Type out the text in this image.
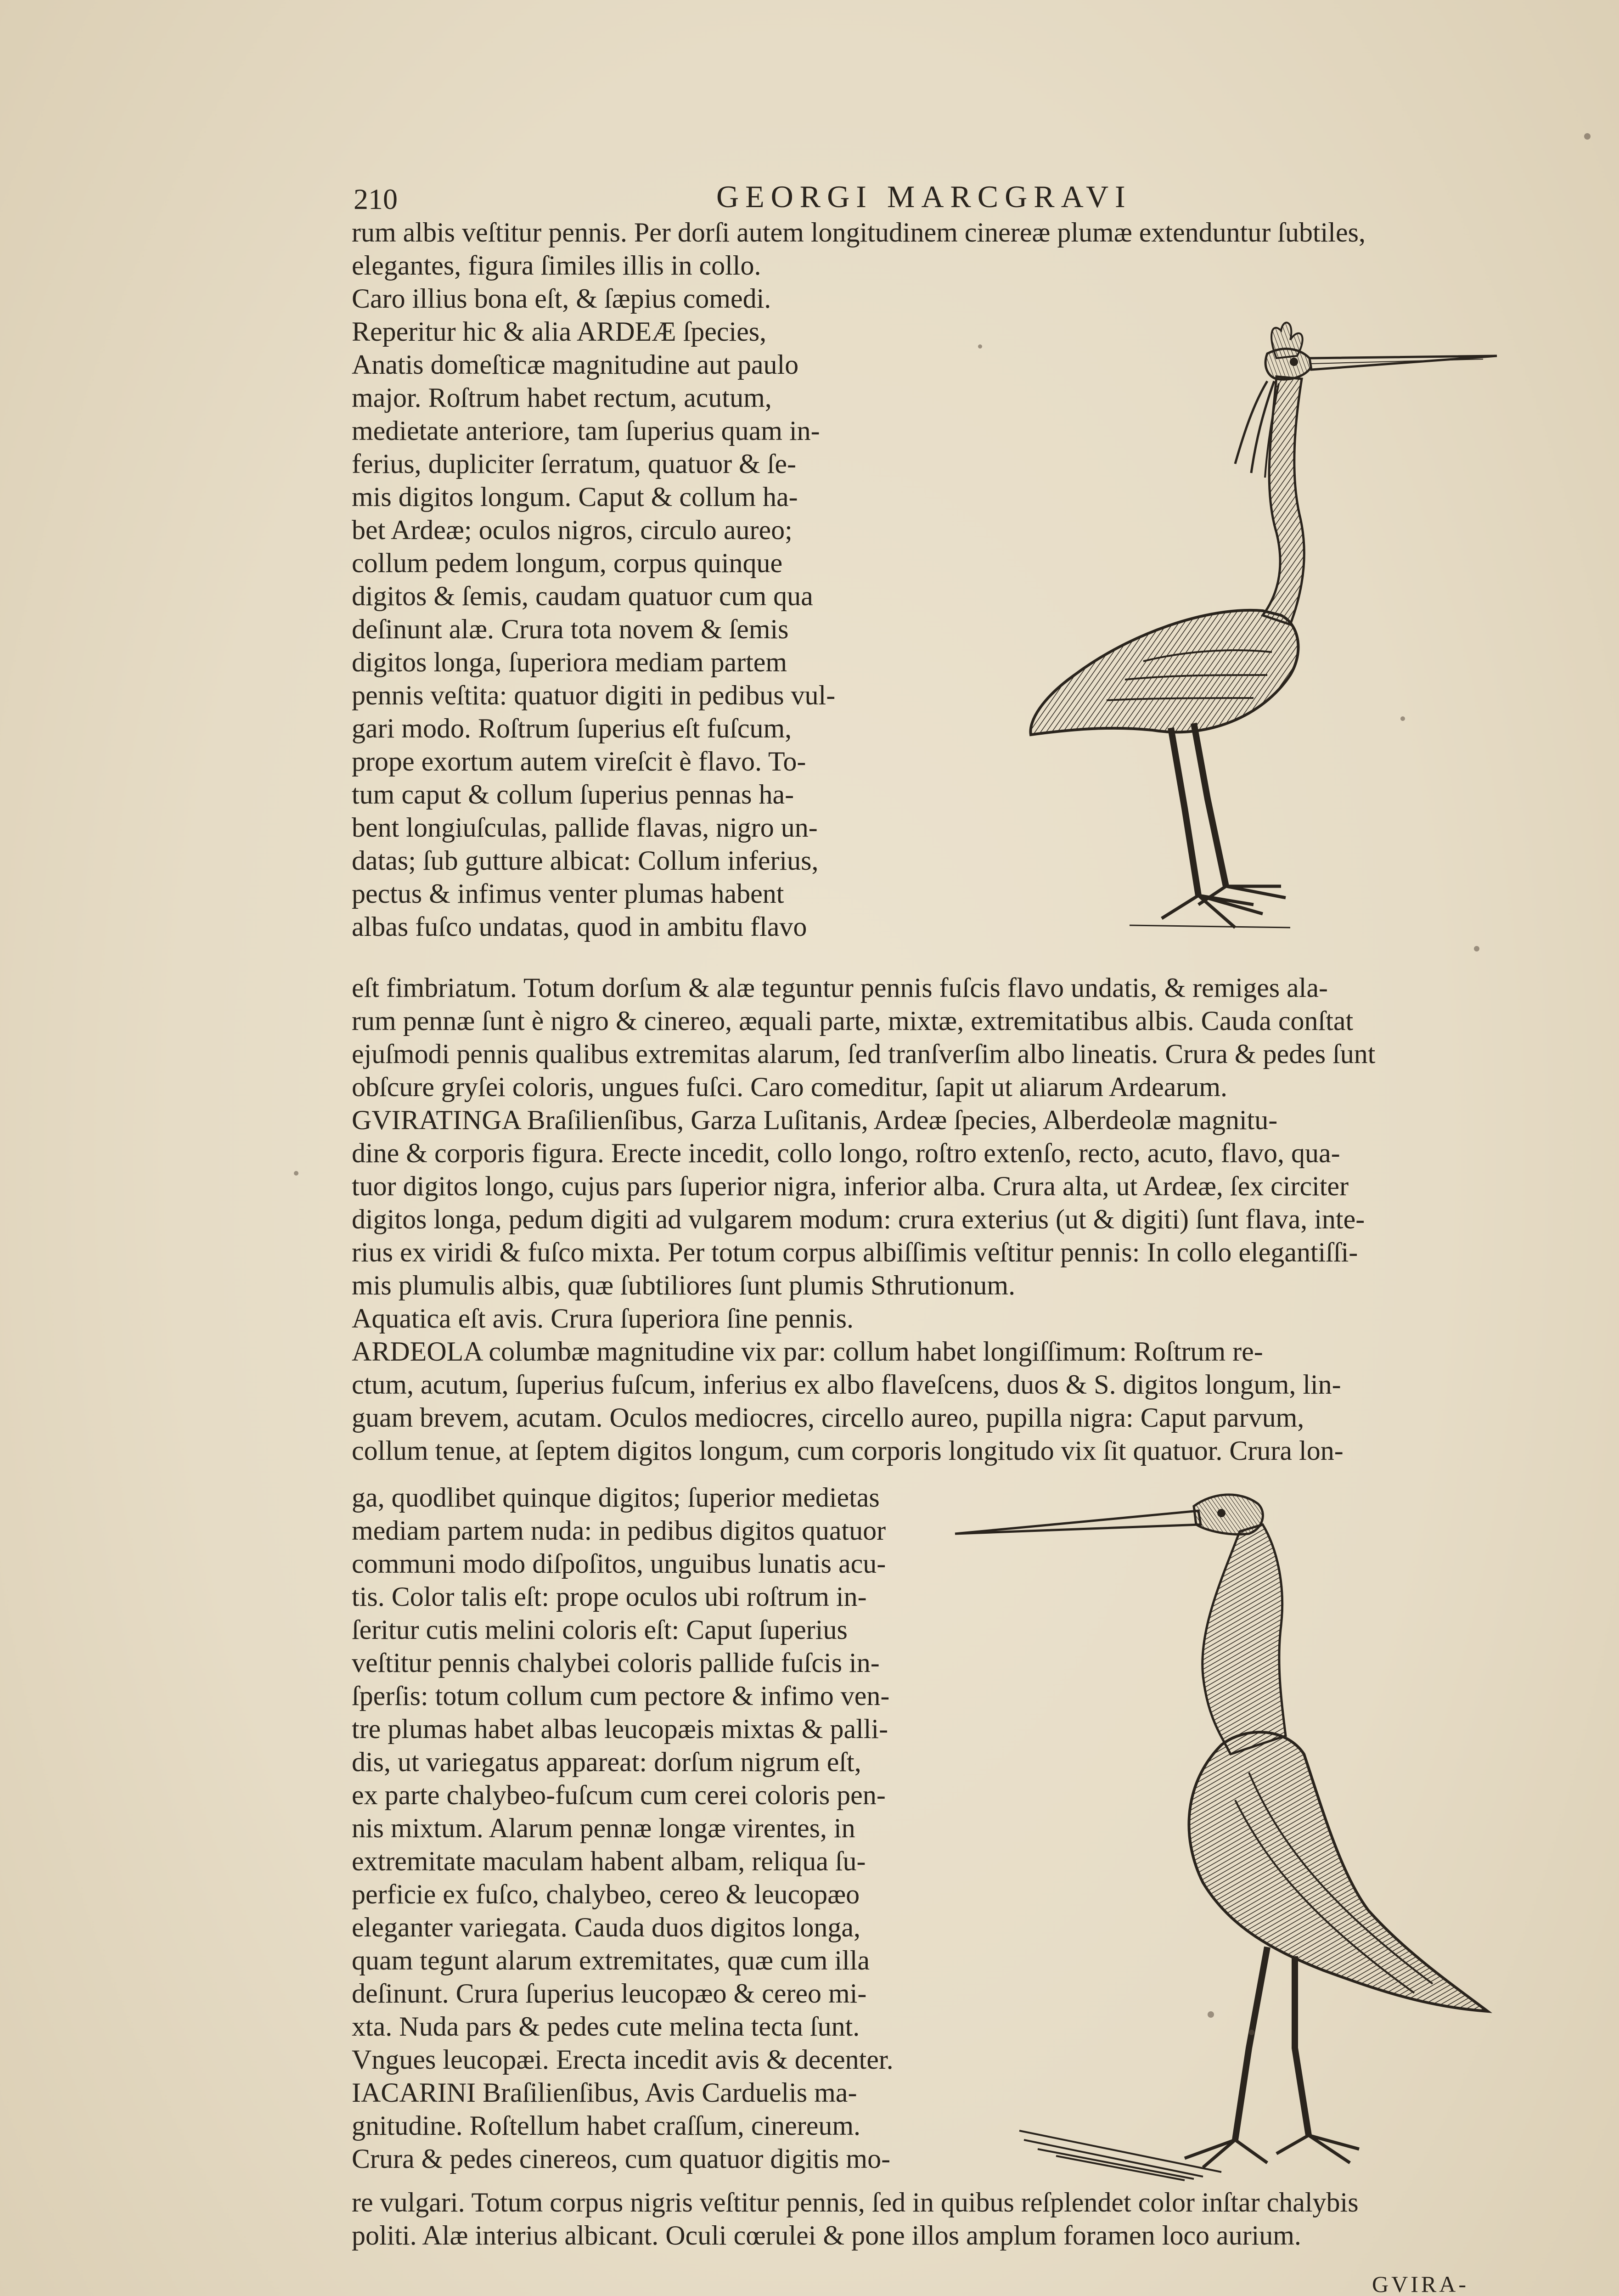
210	GEORGI MARCGRAVI
rum albis veſtitur pennis. Per dorſi autem longitudinem cinereæ plumæ extenduntur ſubtiles,
elegantes, figura ſimiles illis in collo.
Caro illius bona eſt, & ſæpius comedi.
Reperitur hic & alia ARDEÆ ſpecies,
Anatis domeſticæ magnitudine aut paulo
major. Roſtrum habet rectum, acutum,
medietate anteriore, tam ſuperius quam in-
ferius, dupliciter ſerratum, quatuor & ſe-
mis digitos longum. Caput & collum ha-
bet Ardeæ; oculos nigros, circulo aureo;
collum pedem longum, corpus quinque
digitos & ſemis, caudam quatuor cum qua
deſinunt alæ. Crura tota novem & ſemis
digitos longa, ſuperiora mediam partem
pennis veſtita: quatuor digiti in pedibus vul-
gari modo. Roſtrum ſuperius eſt fuſcum,
prope exortum autem vireſcit è flavo. To-
tum caput & collum ſuperius pennas ha-
bent longiuſculas, pallide flavas, nigro un-
datas; ſub gutture albicat: Collum inferius,
pectus & infimus venter plumas habent
albas fuſco undatas, quod in ambitu flavo
eſt fimbriatum. Totum dorſum & alæ teguntur pennis fuſcis flavo undatis, & remiges ala-
rum pennæ ſunt è nigro & cinereo, æquali parte, mixtæ, extremitatibus albis. Cauda conſtat
ejuſmodi pennis qualibus extremitas alarum, ſed tranſverſim albo lineatis. Crura & pedes ſunt
obſcure gryſei coloris, ungues fuſci. Caro comeditur, ſapit ut aliarum Ardearum.
GVIRATINGA Braſilienſibus, Garza Luſitanis, Ardeæ ſpecies, Alberdeolæ magnitu-
dine & corporis figura. Erecte incedit, collo longo, roſtro extenſo, recto, acuto, flavo, qua-
tuor digitos longo, cujus pars ſuperior nigra, inferior alba. Crura alta, ut Ardeæ, ſex circiter
digitos longa, pedum digiti ad vulgarem modum: crura exterius (ut & digiti) ſunt flava, inte-
rius ex viridi & fuſco mixta. Per totum corpus albiſſimis veſtitur pennis: In collo elegantiſſi-
mis plumulis albis, quæ ſubtiliores ſunt plumis Sthrutionum.
Aquatica eſt avis. Crura ſuperiora ſine pennis.
ARDEOLA columbæ magnitudine vix par: collum habet longiſſimum: Roſtrum re-
ctum, acutum, ſuperius fuſcum, inferius ex albo flaveſcens, duos & S. digitos longum, lin-
guam brevem, acutam. Oculos mediocres, circello aureo, pupilla nigra: Caput parvum,
collum tenue, at ſeptem digitos longum, cum corporis longitudo vix ſit quatuor. Crura lon-
ga, quodlibet quinque digitos; ſuperior medietas
mediam partem nuda: in pedibus digitos quatuor
communi modo diſpoſitos, unguibus lunatis acu-
tis. Color talis eſt: prope oculos ubi roſtrum in-
ſeritur cutis melini coloris eſt: Caput ſuperius
veſtitur pennis chalybei coloris pallide fuſcis in-
ſperſis: totum collum cum pectore & infimo ven-
tre plumas habet albas leucopæis mixtas & palli-
dis, ut variegatus appareat: dorſum nigrum eſt,
ex parte chalybeo-fuſcum cum cerei coloris pen-
nis mixtum. Alarum pennæ longæ virentes, in
extremitate maculam habent albam, reliqua ſu-
perficie ex fuſco, chalybeo, cereo & leucopæo
eleganter variegata. Cauda duos digitos longa,
quam tegunt alarum extremitates, quæ cum illa
deſinunt. Crura ſuperius leucopæo & cereo mi-
xta. Nuda pars & pedes cute melina tecta ſunt.
Vngues leucopæi. Erecta incedit avis & decenter.
IACARINI Braſilienſibus, Avis Carduelis ma-
gnitudine. Roſtellum habet craſſum, cinereum.
Crura & pedes cinereos, cum quatuor digitis mo-
re vulgari. Totum corpus nigris veſtitur pennis, ſed in quibus reſplendet color inſtar chalybis
politi. Alæ interius albicant. Oculi cœrulei & pone illos amplum foramen loco aurium.
GVIRA-
